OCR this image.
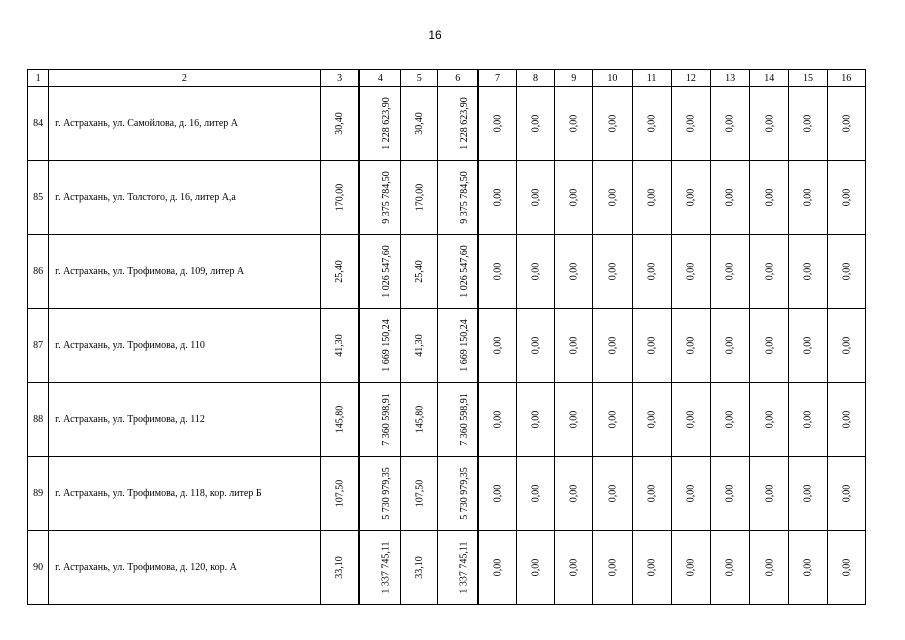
16
1	2	3	4	5	6	7	8	9	10	11	12	13	14	15	16
84	г. Астрахань, ул. Самойлова, д. 16, литер А	30,40	1 228 623,90	30,40	1 228 623,90	0,00	0,00	0,00	0,00	0,00	0,00	0,00	0,00	0,00	0,00
85	г. Астрахань, ул. Толстого, д. 16, литер А,а	170,00	9 375 784,50	170,00	9 375 784,50	0,00	0,00	0,00	0,00	0,00	0,00	0,00	0,00	0,00	0,00
86	г. Астрахань, ул. Трофимова, д. 109, литер А	25,40	1 026 547,60	25,40	1 026 547,60	0,00	0,00	0,00	0,00	0,00	0,00	0,00	0,00	0,00	0,00
87	г. Астрахань, ул. Трофимова, д. 110	41,30	1 669 150,24	41,30	1 669 150,24	0,00	0,00	0,00	0,00	0,00	0,00	0,00	0,00	0,00	0,00
88	г. Астрахань, ул. Трофимова, д. 112	145,80	7 360 598,91	145,80	7 360 598,91	0,00	0,00	0,00	0,00	0,00	0,00	0,00	0,00	0,00	0,00
89	г. Астрахань, ул. Трофимова, д. 118, кор. литер Б	107,50	5 730 979,35	107,50	5 730 979,35	0,00	0,00	0,00	0,00	0,00	0,00	0,00	0,00	0,00	0,00
90	г. Астрахань, ул. Трофимова, д. 120, кор. А	33,10	1 337 745,11	33,10	1 337 745,11	0,00	0,00	0,00	0,00	0,00	0,00	0,00	0,00	0,00	0,00
